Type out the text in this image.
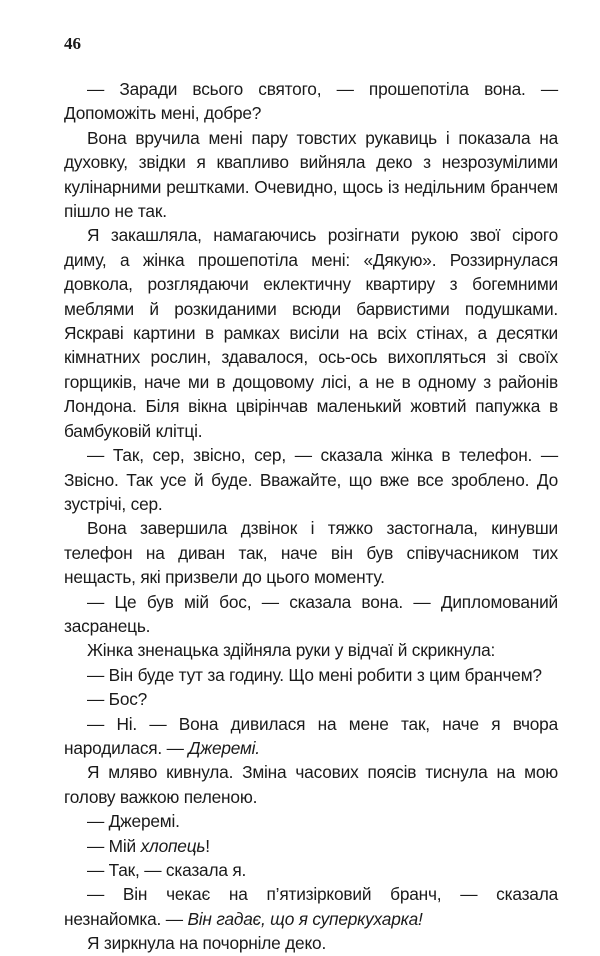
46

— Заради всього святого, — прошепотіла вона. — Допоможіть мені, добре?

Вона вручила мені пару товстих рукавиць і показала на духовку, звідки я квапливо вийняла деко з незрозумілими кулінарними рештками. Очевидно, щось із недільним бранчем пішло не так.

Я закашляла, намагаючись розігнати рукою звої сірого диму, а жінка прошепотіла мені: «Дякую». Роззирнулася довкола, розглядаючи еклектичну квартиру з богемними меблями й розкиданими всюди барвистими подушками. Яскраві картини в рамках висіли на всіх стінах, а десятки кімнатних рослин, здавалося, ось-ось вихопляться зі своїх горщиків, наче ми в дощовому лісі, а не в одному з районів Лондона. Біля вікна цвірінчав маленький жовтий папужка в бамбуковій клітці.

— Так, сер, звісно, сер, — сказала жінка в телефон. — Звісно. Так усе й буде. Вважайте, що вже все зроблено. До зустрічі, сер.

Вона завершила дзвінок і тяжко застогнала, кинувши телефон на диван так, наче він був співучасником тих нещасть, які призвели до цього моменту.

— Це був мій бос, — сказала вона. — Дипломований засранець.

Жінка зненацька здійняла руки у відчаї й скрикнула:

— Він буде тут за годину. Що мені робити з цим бранчем?

— Бос?

— Ні. — Вона дивилася на мене так, наче я вчора народилася. — Джеремі.

Я мляво кивнула. Зміна часових поясів тиснула на мою голову важкою пеленою.

— Джеремі.

— Мій хлопець!

— Так, — сказала я.

— Він чекає на п’ятизірковий бранч, — сказала незнайомка. — Він гадає, що я суперкухарка!

Я зиркнула на почорніле деко.
